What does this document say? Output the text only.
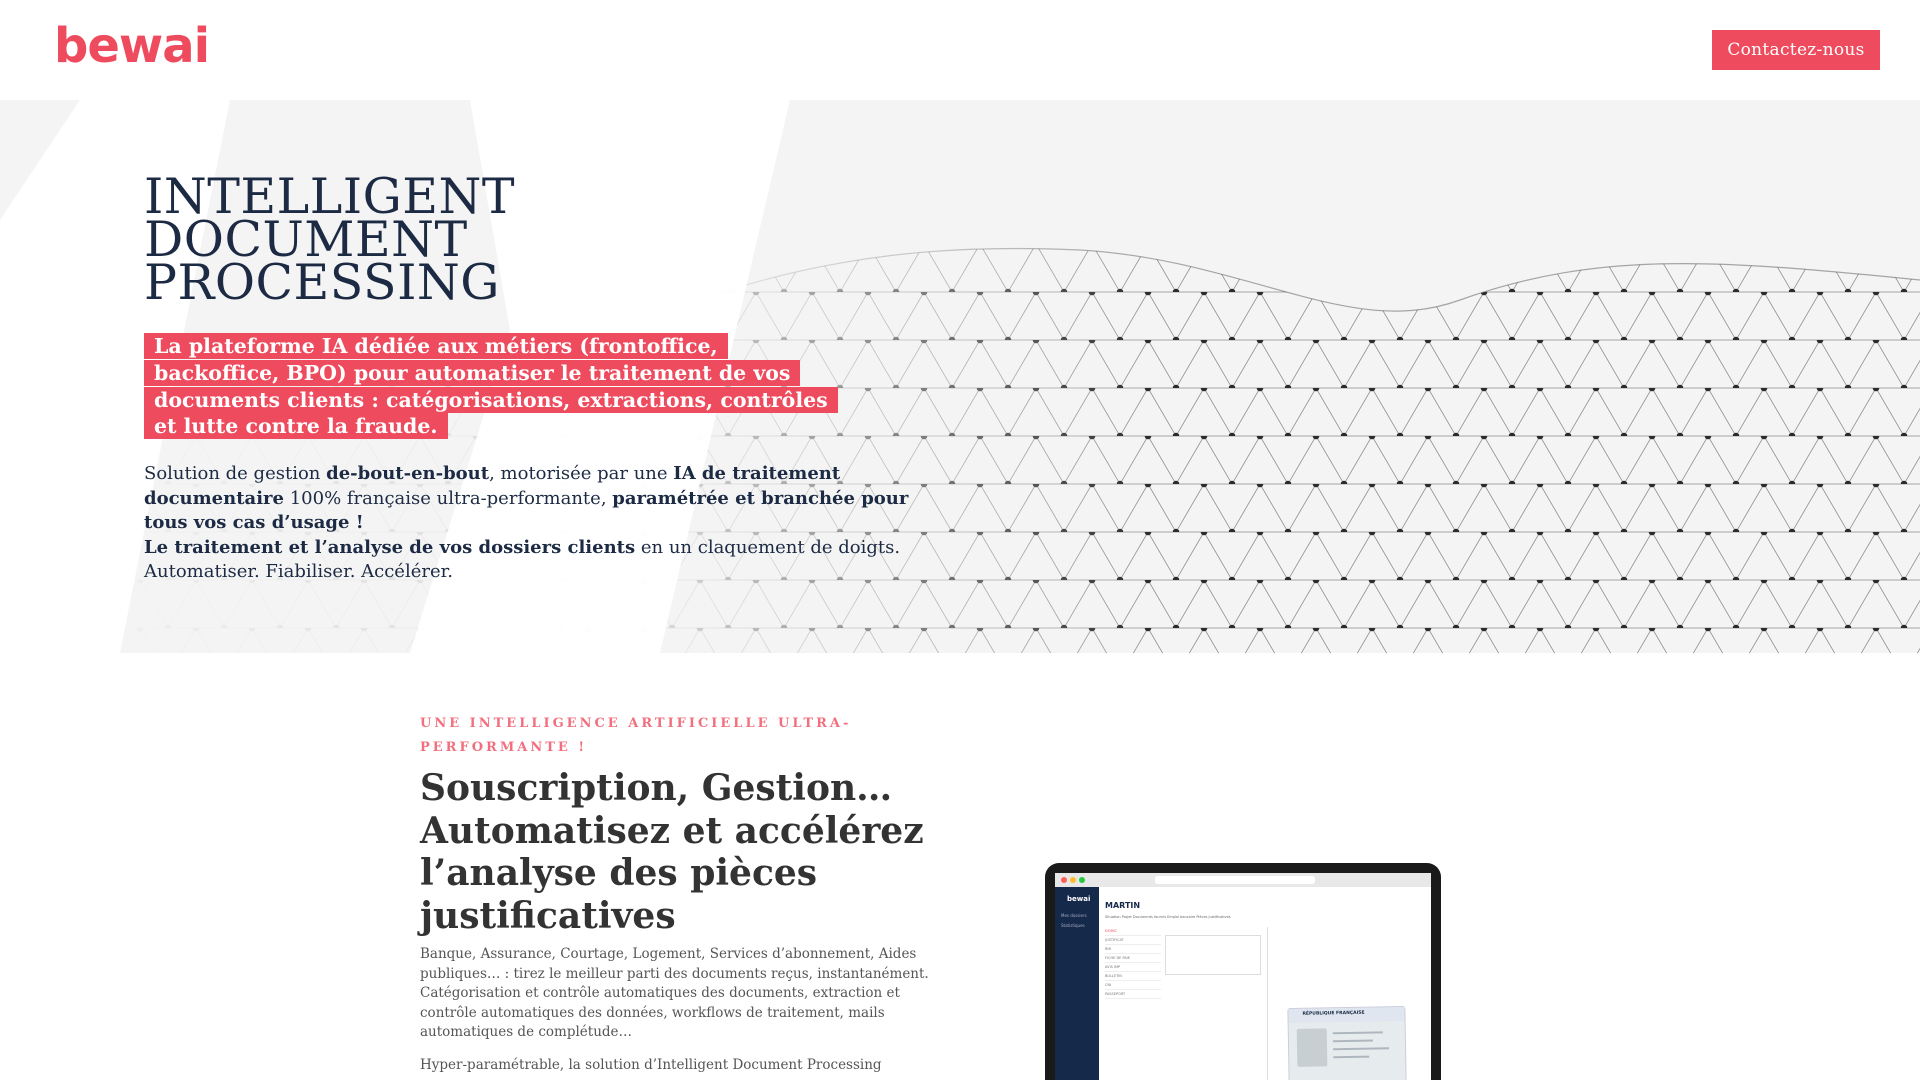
bewai	Contactez-nous
INTELLIGENT
DOCUMENT
PROCESSING

La plateforme IA dédiée aux métiers (frontoffice, backoffice, BPO) pour automatiser le traitement de vos documents clients : catégorisations, extractions, contrôles et lutte contre la fraude.

Solution de gestion de-bout-en-bout, motorisée par une IA de traitement documentaire 100% française ultra-performante, paramétrée et branchée pour tous vos cas d’usage !
Le traitement et l’analyse de vos dossiers clients en un claquement de doigts. Automatiser. Fiabiliser. Accélérer.

UNE INTELLIGENCE ARTIFICIELLE ULTRA-PERFORMANTE !
Souscription, Gestion… Automatisez et accélérez l’analyse des pièces justificatives

Banque, Assurance, Courtage, Logement, Services d’abonnement, Aides publiques… : tirez le meilleur parti des documents reçus, instantanément. Catégorisation et contrôle automatiques des documents, extraction et contrôle automatiques des données, workflows de traitement, mails automatiques de complétude…

Hyper-paramétrable, la solution d’Intelligent Document Processing

bewai
Mes dossiers
Statistiques
MARTIN
Situation Projet Documents fournis Emploi bancaire Pièces justificatives
DOMIC
JUSTIFICAT
RIB
FICHE DE PAIE
AVIS IMP
BULLETIN
CNI
PASSEPORT
RÉPUBLIQUE FRANÇAISE
